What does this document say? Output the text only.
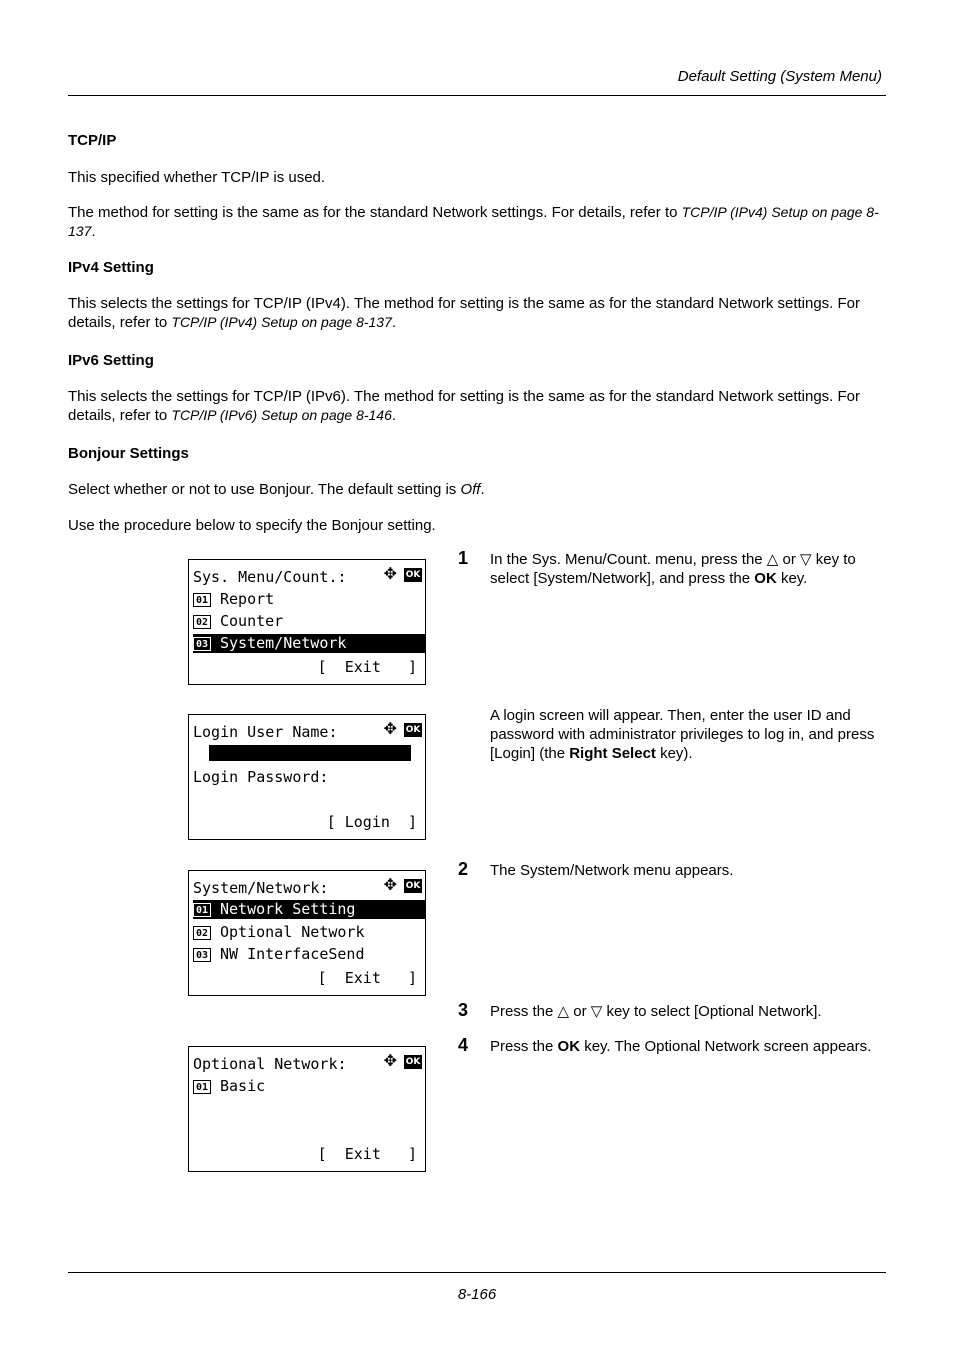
Default Setting (System Menu)
TCP/IP
This specified whether TCP/IP is used.
The method for setting is the same as for the standard Network settings. For details, refer to TCP/IP (IPv4) Setup on page 8-137.
IPv4 Setting
This selects the settings for TCP/IP (IPv4). The method for setting is the same as for the standard Network settings. For details, refer to TCP/IP (IPv4) Setup on page 8-137.
IPv6 Setting
This selects the settings for TCP/IP (IPv6). The method for setting is the same as for the standard Network settings. For details, refer to TCP/IP (IPv6) Setup on page 8-146.
Bonjour Settings
Select whether or not to use Bonjour. The default setting is Off.
Use the procedure below to specify the Bonjour setting.
Sys. Menu/Count.:	✥ OK
01 Report
02 Counter
03 System/Network
[  Exit   ]
Login User Name:	✥ OK
Login Password:
[ Login  ]
System/Network:	✥ OK
01 Network Setting
02 Optional Network
03 NW InterfaceSend
[  Exit   ]
Optional Network:	✥ OK
01 Basic
[  Exit   ]
1 In the Sys. Menu/Count. menu, press the △ or ▽ key to select [System/Network], and press the OK key.
A login screen will appear. Then, enter the user ID and password with administrator privileges to log in, and press [Login] (the Right Select key).
2 The System/Network menu appears.
3 Press the △ or ▽ key to select [Optional Network].
4 Press the OK key. The Optional Network screen appears.
8-166
